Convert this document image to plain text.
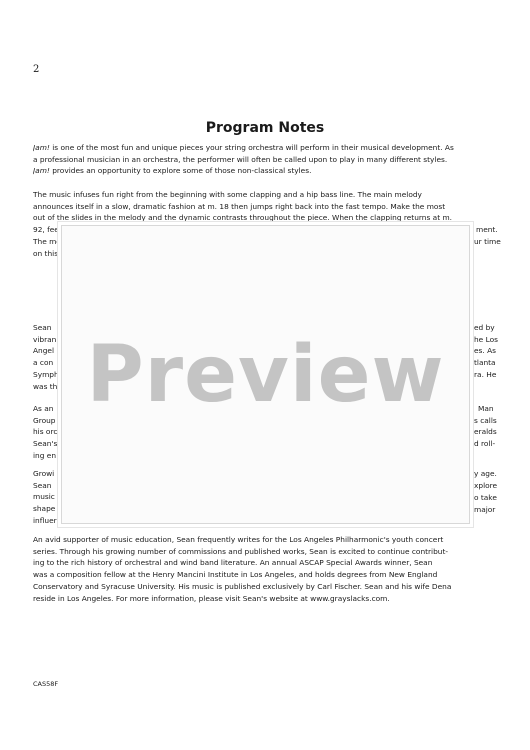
2
Program Notes
Jam! is one of the most fun and unique pieces your string orchestra will perform in their musical development. As
a professional musician in an orchestra, the performer will often be called upon to play in many different styles.
Jam! provides an opportunity to explore some of those non-classical styles.
The music infuses fun right from the beginning with some clapping and a hip bass line. The main melody
announces itself in a slow, dramatic fashion at m. 18 then jumps right back into the fast tempo. Make the most
out of the slides in the melody and the dynamic contrasts throughout the piece. When the clapping returns at m.
92, fee
The me
on this
ment.
ur time
Sean
vibran
Angel
a con
Symph
was th
ed by
he Los
es. As
tlanta
ra. He
As an
Group
his orc
Sean's
ing en
Man
s calls
eralds
d roll-
Growi
Sean
music
shape
influer
y age.
xplore
o take
major
An avid supporter of music education, Sean frequently writes for the Los Angeles Philharmonic's youth concert
series. Through his growing number of commissions and published works, Sean is excited to continue contribut-
ing to the rich history of orchestral and wind band literature. An annual ASCAP Special Awards winner, Sean
was a composition fellow at the Henry Mancini Institute in Los Angeles, and holds degrees from New England
Conservatory and Syracuse University. His music is published exclusively by Carl Fischer. Sean and his wife Dena
reside in Los Angeles. For more information, please visit Sean's website at www.grayslacks.com.
Preview
CAS58F
